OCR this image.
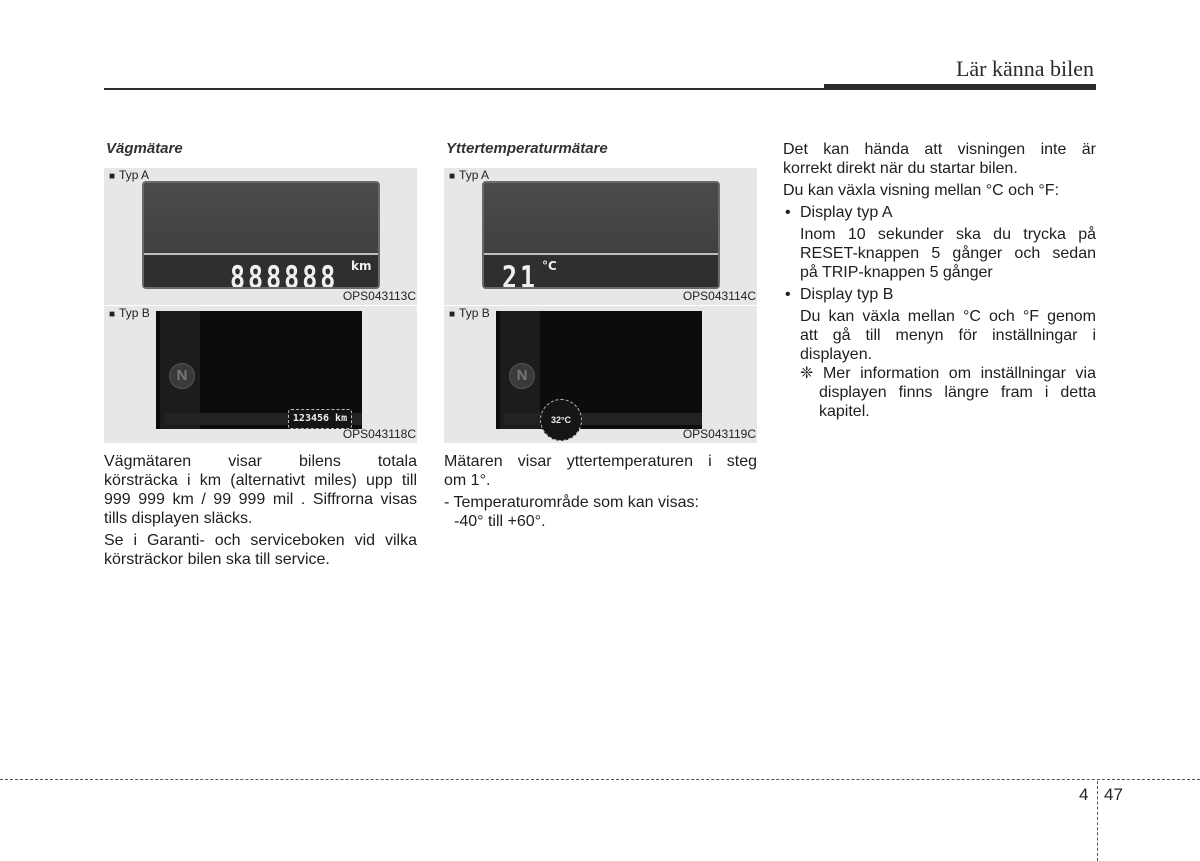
Lär känna bilen
Vägmätare
888888 km
■ Typ A
OPS043113C
N
123456 km
■ Typ B
OPS043118C
Vägmätaren visar bilens totala
körsträcka i km (alternativt miles) upp till
999 999 km / 99 999 mil . Siffrorna visas
tills displayen släcks.
Se i Garanti- och serviceboken vid vilka
körsträckor bilen ska till service.
Yttertemperaturmätare
21 °C
■ Typ A
OPS043114C
N
32°C
■ Typ B
OPS043119C
Mätaren visar yttertemperaturen i steg
om 1°.
- Temperaturområde som kan visas:
-40° till +60°.
Det kan hända att visningen inte är
korrekt direkt när du startar bilen.
Du kan växla visning mellan °C och °F:
• Display typ A
Inom 10 sekunder ska du trycka på
RESET-knappen 5 gånger och sedan
på TRIP-knappen 5 gånger
• Display typ B
Du kan växla mellan °C och °F genom
att gå till menyn för inställningar i
displayen.
❈ Mer information om inställningar via
displayen finns längre fram i detta
kapitel.
4 47
